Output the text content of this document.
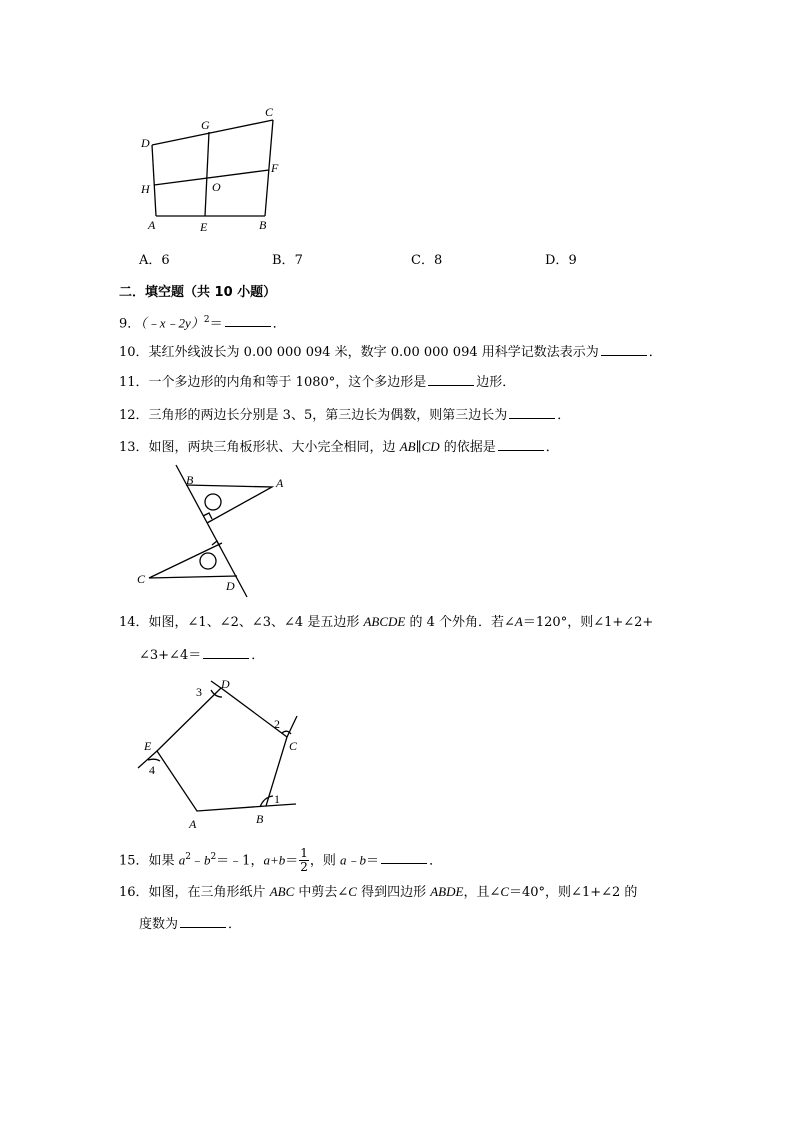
D
G
C
F
H	O
A	E	B
A．6	B．7	C．8	D．9
二．填空题（共 10 小题）
9．（﹣x﹣2y）$^2$＝	．
10．某红外线波长为 0.00 000 094 米，数字 0.00 000 094 用科学记数法表示为	．
11．一个多边形的内角和等于 1080°，这个多边形是	边形．
12．三角形的两边长分别是 3、5，第三边长为偶数，则第三边长为	．
13．如图，两块三角板形状、大小完全相同，边 AB∥CD 的依据是	．
B	A
C	D
14．如图，∠1、∠2、∠3、∠4 是五边形 ABCDE 的 4 个外角．若∠A＝120°，则∠1+∠2+
∠3+∠4＝	．
D
C
E
A	B
1
2
3
4
15．如果 $a^2﹣b^2=﹣1$，$a+b= \frac{1}{2}$ ，则 a﹣b＝	．
16．如图，在三角形纸片 ABC 中剪去∠C 得到四边形 ABDE，且∠C＝40°，则∠1+∠2 的
度数为	．
